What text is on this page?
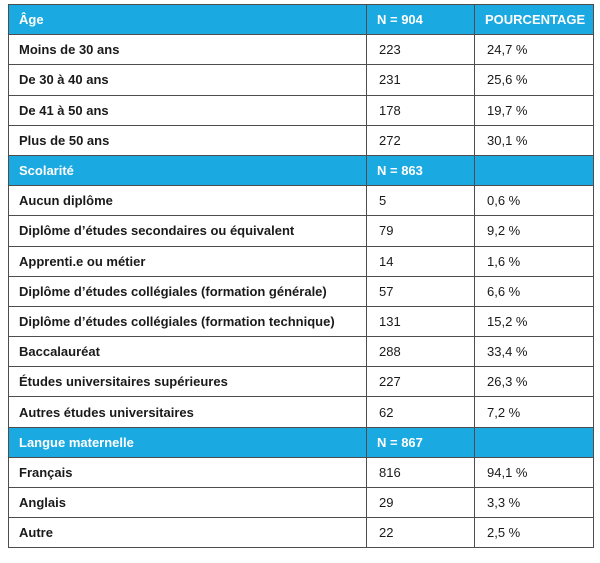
Âge	N = 904	POURCENTAGE
Moins de 30 ans	223	24,7 %
De 30 à 40 ans	231	25,6 %
De 41 à 50 ans	178	19,7 %
Plus de 50 ans	272	30,1 %
Scolarité	N = 863	
Aucun diplôme	5	0,6 %
Diplôme d’études secondaires ou équivalent	79	9,2 %
Apprenti.e ou métier	14	1,6 %
Diplôme d’études collégiales (formation générale)	57	6,6 %
Diplôme d’études collégiales (formation technique)	131	15,2 %
Baccalauréat	288	33,4 %
Études universitaires supérieures	227	26,3 %
Autres études universitaires	62	7,2 %
Langue maternelle	N = 867	
Français	816	94,1 %
Anglais	29	3,3 %
Autre	22	2,5 %
